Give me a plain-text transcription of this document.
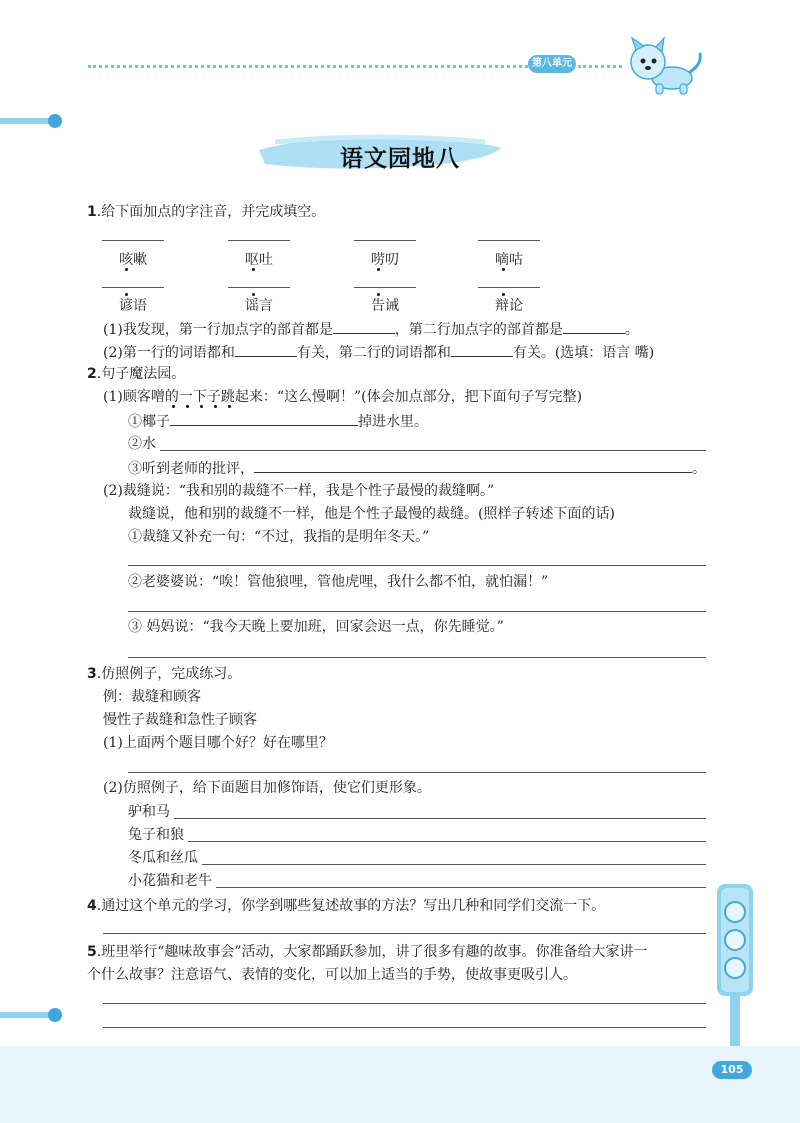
第八单元
语文园地八
1.给下面加点的字注音，并完成填空。
咳嗽	呕吐	唠叨	嘀咕
谚语	谣言	告诫	辩论
(1)我发现，第一行加点字的部首都是	，第二行加点字的部首都是	。
(2)第一行的词语都和	有关，第二行的词语都和	有关。(选填：语言 嘴)
2.句子魔法园。
(1)顾客噌的一下子跳起来：“这么慢啊！”(体会加点部分，把下面句子写完整)
①椰子	掉进水里。
②水
③听到老师的批评，	。
(2)裁缝说：“我和别的裁缝不一样，我是个性子最慢的裁缝啊。”
裁缝说，他和别的裁缝不一样，他是个性子最慢的裁缝。(照样子转述下面的话)
①裁缝又补充一句：“不过，我指的是明年冬天。”
②老婆婆说：“唉！管他狼哩，管他虎哩，我什么都不怕，就怕漏！”
③ 妈妈说：“我今天晚上要加班，回家会迟一点，你先睡觉。”
3.仿照例子，完成练习。
例：裁缝和顾客
慢性子裁缝和急性子顾客
(1)上面两个题目哪个好？好在哪里？
(2)仿照例子，给下面题目加修饰语，使它们更形象。
驴和马
兔子和狼
冬瓜和丝瓜
小花猫和老牛
4.通过这个单元的学习，你学到哪些复述故事的方法？写出几种和同学们交流一下。
5.班里举行“趣味故事会”活动，大家都踊跃参加，讲了很多有趣的故事。你准备给大家讲一
个什么故事？注意语气、表情的变化，可以加上适当的手势，使故事更吸引人。
105
